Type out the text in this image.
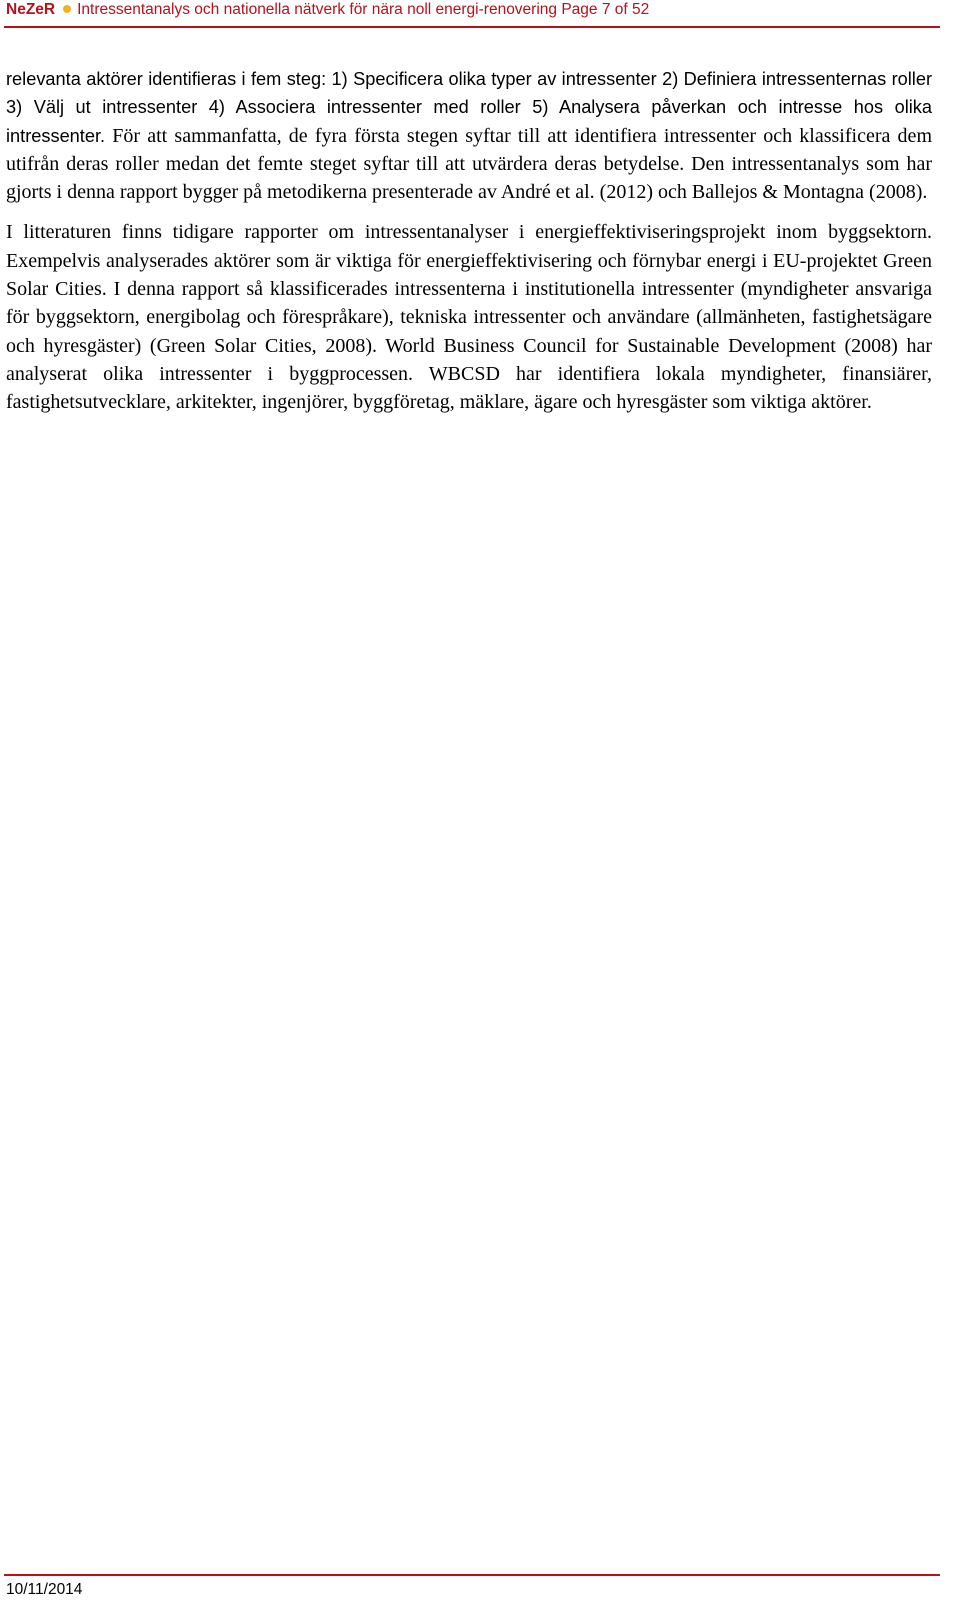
NeZeR Intressentanalys och nationella nätverk för nära noll energi-renovering Page 7 of 52

relevanta aktörer identifieras i fem steg: 1) Specificera olika typer av intressenter 2) Definiera intressenternas roller 3) Välj ut intressenter 4) Associera intressenter med roller 5) Analysera påverkan och intresse hos olika intressenter. För att sammanfatta, de fyra första stegen syftar till att identifiera intressenter och klassificera dem utifrån deras roller medan det femte steget syftar till att utvärdera deras betydelse. Den intressentanalys som har gjorts i denna rapport bygger på metodikerna presenterade av André et al. (2012) och Ballejos & Montagna (2008).

I litteraturen finns tidigare rapporter om intressentanalyser i energieffektiviseringsprojekt inom byggsektorn. Exempelvis analyserades aktörer som är viktiga för energieffektivisering och förnybar energi i EU-projektet Green Solar Cities. I denna rapport så klassificerades intressenterna i institutionella intressenter (myndigheter ansvariga för byggsektorn, energibolag och förespråkare), tekniska intressenter och användare (allmänheten, fastighetsägare och hyresgäster) (Green Solar Cities, 2008). World Business Council for Sustainable Development (2008) har analyserat olika intressenter i byggprocessen. WBCSD har identifiera lokala myndigheter, finansiärer, fastighetsutvecklare, arkitekter, ingenjörer, byggföretag, mäklare, ägare och hyresgäster som viktiga aktörer.

10/11/2014
